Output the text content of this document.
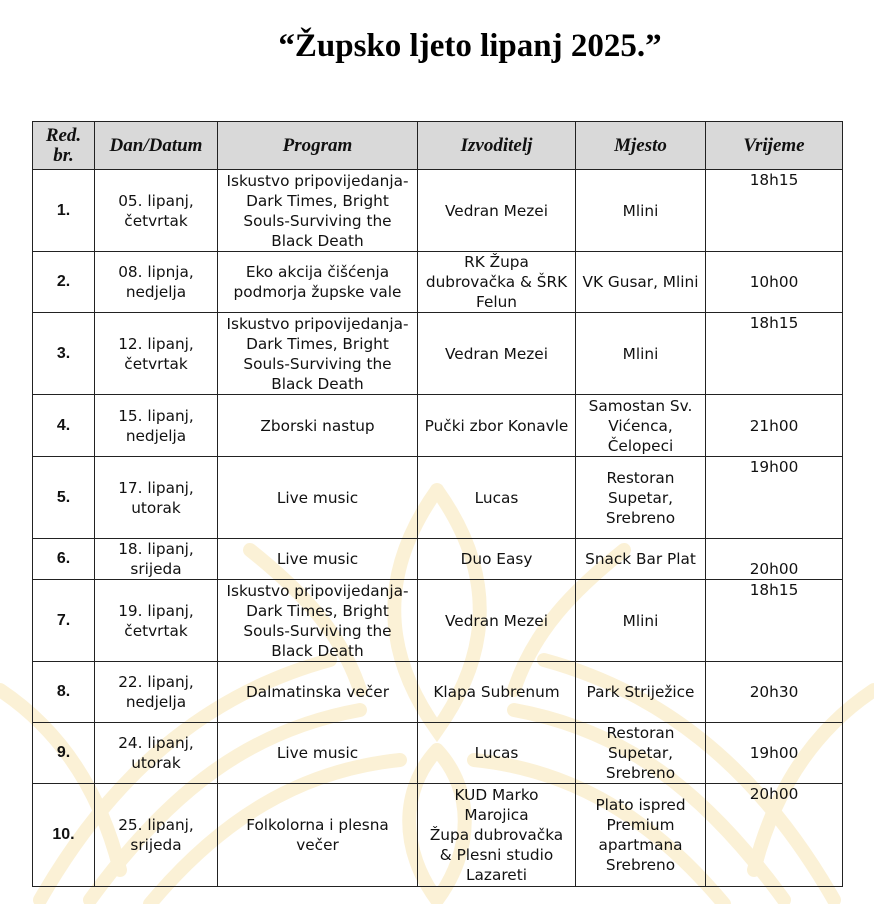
“Župsko ljeto lipanj 2025.”
Red.
br.	Dan/Datum	Program	Izvoditelj	Mjesto	Vrijeme
1.	05. lipanj,
četvrtak	Iskustvo pripovijedanja-
Dark Times, Bright
Souls-Surviving the
Black Death	Vedran Mezei	Mlini	18h15
2.	08. lipnja,
nedjelja	Eko akcija čišćenja
podmorja župske vale	RK Župa
dubrovačka & ŠRK
Felun	VK Gusar, Mlini	10h00
3.	12. lipanj,
četvrtak	Iskustvo pripovijedanja-
Dark Times, Bright
Souls-Surviving the
Black Death	Vedran Mezei	Mlini	18h15
4.	15. lipanj,
nedjelja	Zborski nastup	Pučki zbor Konavle	Samostan Sv.
Vićenca,
Čelopeci	21h00
5.	17. lipanj,
utorak	Live music	Lucas	Restoran
Supetar,
Srebreno	19h00
6.	18. lipanj,
srijeda	Live music	Duo Easy	Snack Bar Plat	20h00
7.	19. lipanj,
četvrtak	Iskustvo pripovijedanja-
Dark Times, Bright
Souls-Surviving the
Black Death	Vedran Mezei	Mlini	18h15
8.	22. lipanj,
nedjelja	Dalmatinska večer	Klapa Subrenum	Park Striježice	20h30
9.	24. lipanj,
utorak	Live music	Lucas	Restoran
Supetar,
Srebreno	19h00
10.	25. lipanj,
srijeda	Folkolorna i plesna
večer	KUD Marko
Marojica
Župa dubrovačka
& Plesni studio
Lazareti	Plato ispred
Premium
apartmana
Srebreno	20h00
